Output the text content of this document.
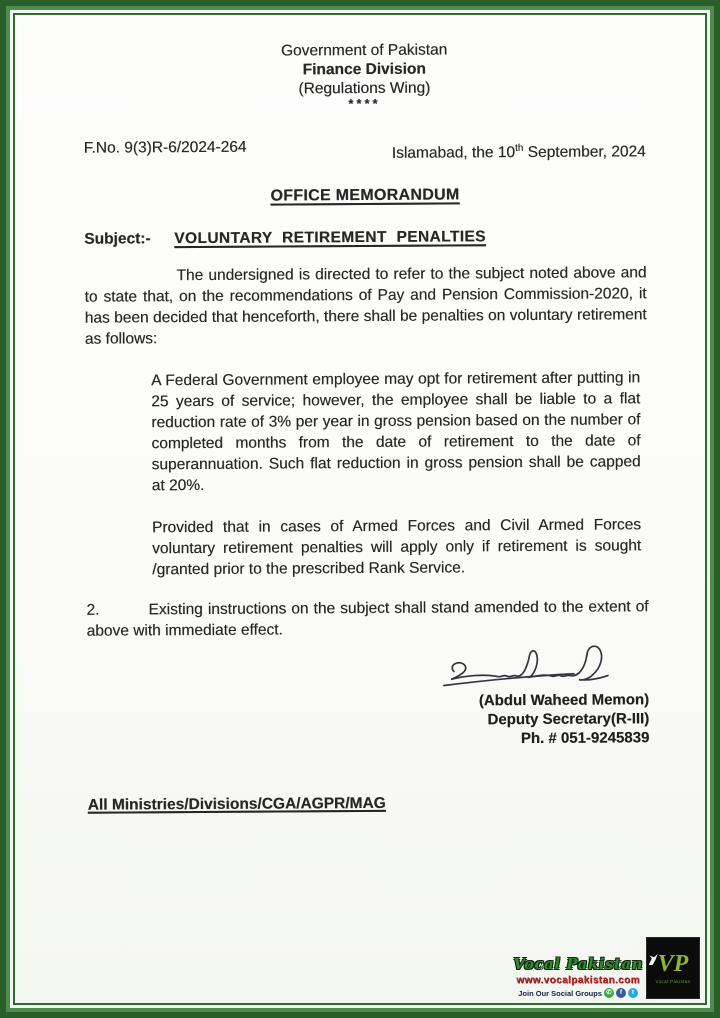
Government of Pakistan
Finance Division
(Regulations Wing)
****
F.No. 9(3)R-6/2024-264	Islamabad, the 10th September, 2024
OFFICE MEMORANDUM
Subject:-	VOLUNTARY RETIREMENT PENALTIES

The undersigned is directed to refer to the subject noted above and to state that, on the recommendations of Pay and Pension Commission-2020, it has been decided that henceforth, there shall be penalties on voluntary retirement as follows:

A Federal Government employee may opt for retirement after putting in 25 years of service; however, the employee shall be liable to a flat reduction rate of 3% per year in gross pension based on the number of completed months from the date of retirement to the date of superannuation. Such flat reduction in gross pension shall be capped at 20%.

Provided that in cases of Armed Forces and Civil Armed Forces voluntary retirement penalties will apply only if retirement is sought /granted prior to the prescribed Rank Service.

2.	Existing instructions on the subject shall stand amended to the extent of above with immediate effect.

(Abdul Waheed Memon)
Deputy Secretary(R-III)
Ph. # 051-9245839
All Ministries/Divisions/CGA/AGPR/MAG
Vocal Pakistan
www.vocalpakistan.com
Join Our Social Groups ✆	f	t
VP
Vocal Pakistan
